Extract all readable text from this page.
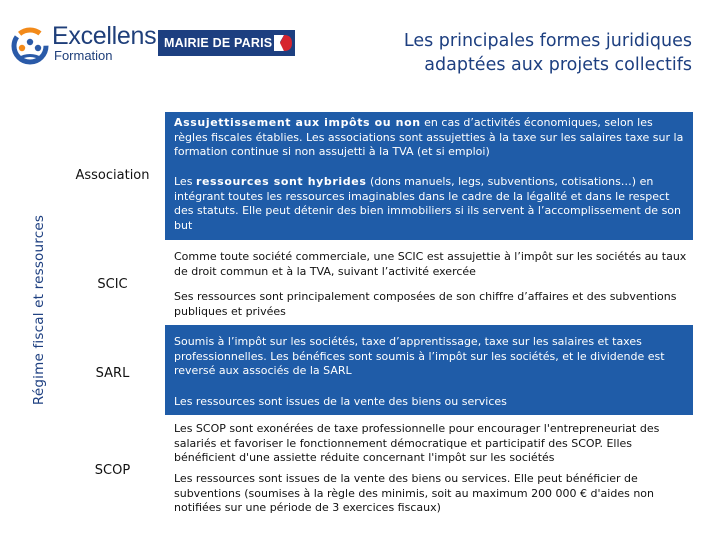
Excellens
Formation
MAIRIE DE PARIS	Les principales formes juridiques
adaptées aux projets collectifs
Régime fiscal et ressources
Association
Assujettissement aux impôts ou non en cas d’activités économiques, selon les règles fiscales établies. Les associations sont assujetties à la taxe sur les salaires taxe sur la formation continue si non assujetti à la TVA (et si emploi)
Les ressources sont hybrides (dons manuels, legs, subventions, cotisations…) en intégrant toutes les ressources imaginables dans le cadre de la légalité et dans le respect des statuts. Elle peut détenir des bien immobiliers si ils servent à l’accomplissement de son but
SCIC
Comme toute société commerciale, une SCIC est assujettie à l’impôt sur les sociétés au taux de droit commun et à la TVA, suivant l’activité exercée
Ses ressources sont principalement composées de son chiffre d’affaires et des subventions publiques et privées
SARL
Soumis à l’impôt sur les sociétés, taxe d’apprentissage, taxe sur les salaires et taxes professionnelles. Les bénéfices sont soumis à l’impôt sur les sociétés, et le dividende est reversé aux associés de la SARL
Les ressources sont issues de la vente des biens ou services
SCOP
Les SCOP sont exonérées de taxe professionnelle pour encourager l'entrepreneuriat des salariés et favoriser le fonctionnement démocratique et participatif des SCOP. Elles bénéficient d'une assiette réduite concernant l'impôt sur les sociétés
Les ressources sont issues de la vente des biens ou services. Elle peut bénéficier de subventions (soumises à la règle des minimis, soit au maximum 200 000 € d'aides non notifiées sur une période de 3 exercices fiscaux)
